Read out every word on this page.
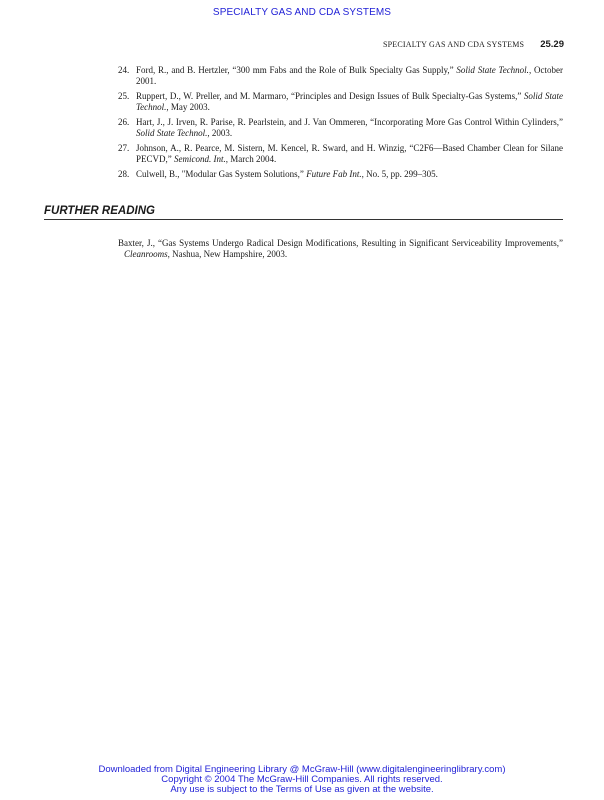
SPECIALTY GAS AND CDA SYSTEMS
SPECIALTY GAS AND CDA SYSTEMS 25.29
24. Ford, R., and B. Hertzler, “300 mm Fabs and the Role of Bulk Specialty Gas Supply,” Solid State Technol., October 2001.
25. Ruppert, D., W. Preller, and M. Marmaro, “Principles and Design Issues of Bulk Specialty-Gas Systems,” Solid State Technol., May 2003.
26. Hart, J., J. Irven, R. Parise, R. Pearlstein, and J. Van Ommeren, “Incorporating More Gas Control Within Cylinders,” Solid State Technol., 2003.
27. Johnson, A., R. Pearce, M. Sistern, M. Kencel, R. Sward, and H. Winzig, “C2F6—Based Chamber Clean for Silane PECVD,” Semicond. Int., March 2004.
28. Culwell, B., "Modular Gas System Solutions,” Future Fab Int., No. 5, pp. 299–305.
FURTHER READING
Baxter, J., “Gas Systems Undergo Radical Design Modifications, Resulting in Significant Serviceability Improvements,” Cleanrooms, Nashua, New Hampshire, 2003.
Downloaded from Digital Engineering Library @ McGraw-Hill (www.digitalengineeringlibrary.com)
Copyright © 2004 The McGraw-Hill Companies. All rights reserved.
Any use is subject to the Terms of Use as given at the website.
